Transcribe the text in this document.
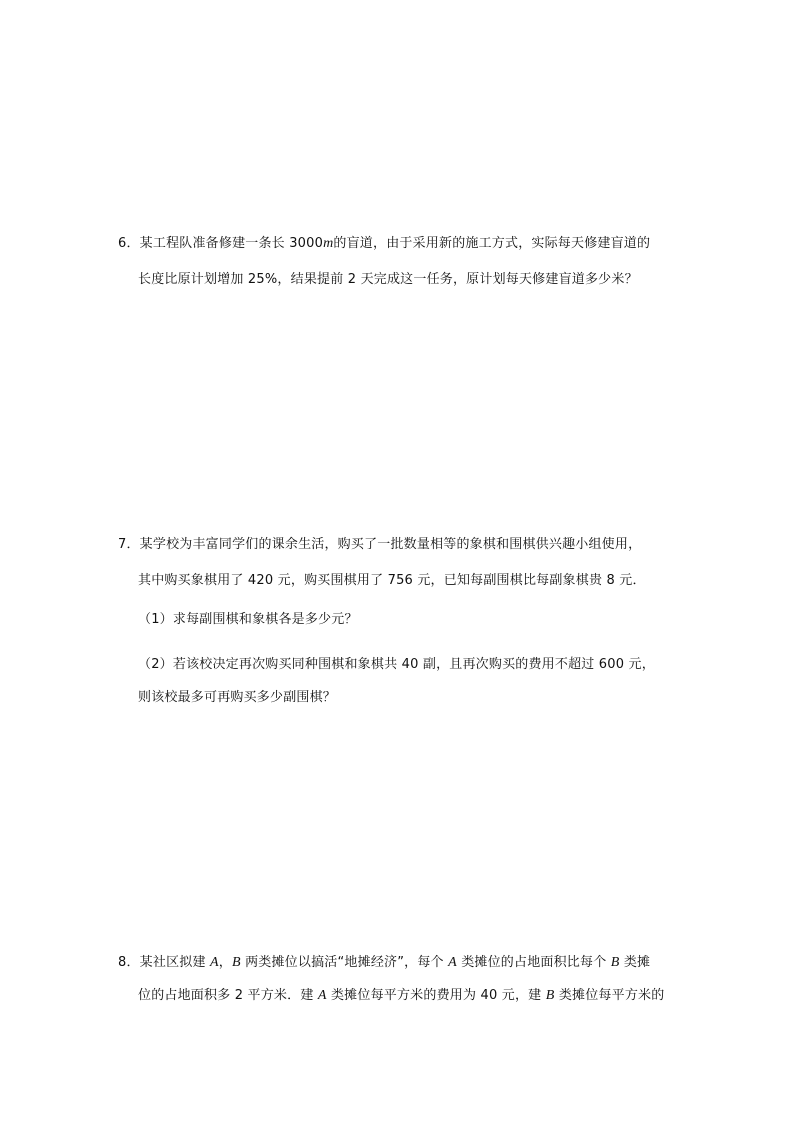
6．某工程队准备修建一条长 3000m的盲道，由于采用新的施工方式，实际每天修建盲道的
长度比原计划增加 25%，结果提前 2 天完成这一任务，原计划每天修建盲道多少米？
7．某学校为丰富同学们的课余生活，购买了一批数量相等的象棋和围棋供兴趣小组使用，
其中购买象棋用了 420 元，购买围棋用了 756 元，已知每副围棋比每副象棋贵 8 元．
（1）求每副围棋和象棋各是多少元？
（2）若该校决定再次购买同种围棋和象棋共 40 副，且再次购买的费用不超过 600 元，
则该校最多可再购买多少副围棋？
8．某社区拟建 A，B 两类摊位以搞活“地摊经济”，每个 A 类摊位的占地面积比每个 B 类摊
位的占地面积多 2 平方米．建 A 类摊位每平方米的费用为 40 元，建 B 类摊位每平方米的
